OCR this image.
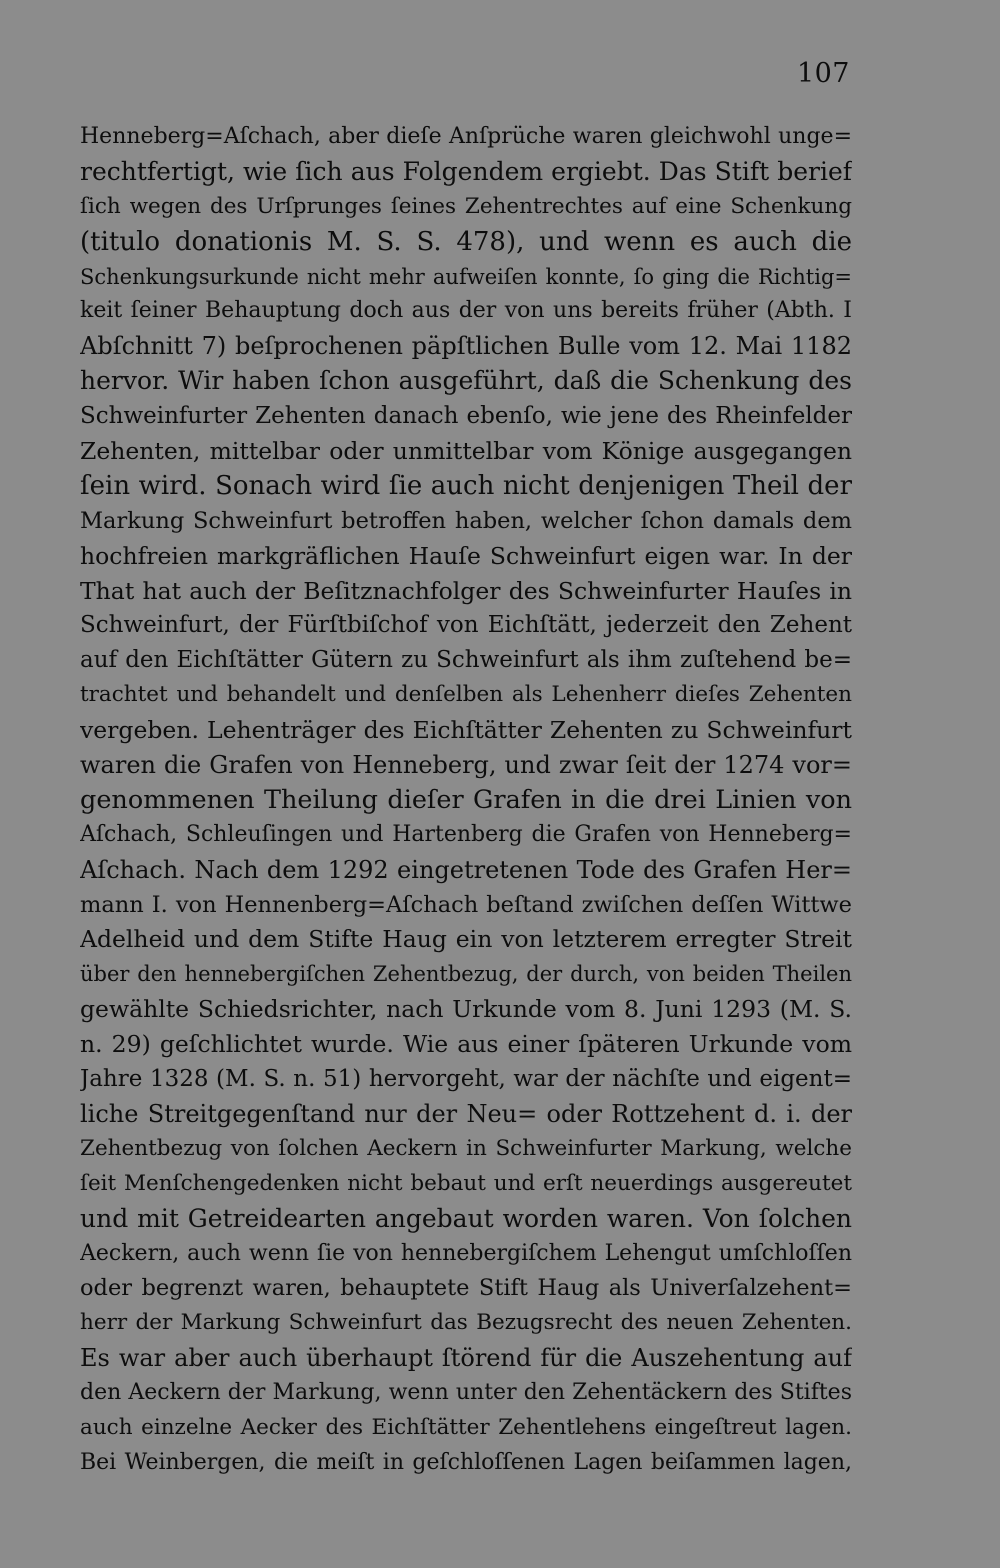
107
Henneberg=Aſchach, aber dieſe Anſprüche waren gleichwohl unge=
rechtfertigt, wie ſich aus Folgendem ergiebt. Das Stift berief
ſich wegen des Urſprunges ſeines Zehentrechtes auf eine Schenkung
(titulo donationis M. S. S. 478), und wenn es auch die
Schenkungsurkunde nicht mehr aufweiſen konnte, ſo ging die Richtig=
keit ſeiner Behauptung doch aus der von uns bereits früher (Abth. I
Abſchnitt 7) beſprochenen päpſtlichen Bulle vom 12. Mai 1182
hervor. Wir haben ſchon ausgeführt, daß die Schenkung des
Schweinfurter Zehenten danach ebenſo, wie jene des Rheinfelder
Zehenten, mittelbar oder unmittelbar vom Könige ausgegangen
ſein wird. Sonach wird ſie auch nicht denjenigen Theil der
Markung Schweinfurt betroffen haben, welcher ſchon damals dem
hochfreien markgräflichen Hauſe Schweinfurt eigen war. In der
That hat auch der Beſitznachfolger des Schweinfurter Hauſes in
Schweinfurt, der Fürſtbiſchof von Eichſtätt, jederzeit den Zehent
auf den Eichſtätter Gütern zu Schweinfurt als ihm zuſtehend be=
trachtet und behandelt und denſelben als Lehenherr dieſes Zehenten
vergeben. Lehenträger des Eichſtätter Zehenten zu Schweinfurt
waren die Grafen von Henneberg, und zwar ſeit der 1274 vor=
genommenen Theilung dieſer Grafen in die drei Linien von
Aſchach, Schleuſingen und Hartenberg die Grafen von Henneberg=
Aſchach. Nach dem 1292 eingetretenen Tode des Grafen Her=
mann I. von Hennenberg=Aſchach beſtand zwiſchen deſſen Wittwe
Adelheid und dem Stifte Haug ein von letzterem erregter Streit
über den hennebergiſchen Zehentbezug, der durch, von beiden Theilen
gewählte Schiedsrichter, nach Urkunde vom 8. Juni 1293 (M. S.
n. 29) geſchlichtet wurde. Wie aus einer ſpäteren Urkunde vom
Jahre 1328 (M. S. n. 51) hervorgeht, war der nächſte und eigent=
liche Streitgegenſtand nur der Neu= oder Rottzehent d. i. der
Zehentbezug von ſolchen Aeckern in Schweinfurter Markung, welche
ſeit Menſchengedenken nicht bebaut und erſt neuerdings ausgereutet
und mit Getreidearten angebaut worden waren. Von ſolchen
Aeckern, auch wenn ſie von hennebergiſchem Lehengut umſchloſſen
oder begrenzt waren, behauptete Stift Haug als Univerſalzehent=
herr der Markung Schweinfurt das Bezugsrecht des neuen Zehenten.
Es war aber auch überhaupt ſtörend für die Auszehentung auf
den Aeckern der Markung, wenn unter den Zehentäckern des Stiftes
auch einzelne Aecker des Eichſtätter Zehentlehens eingeſtreut lagen.
Bei Weinbergen, die meiſt in geſchloſſenen Lagen beiſammen lagen,
